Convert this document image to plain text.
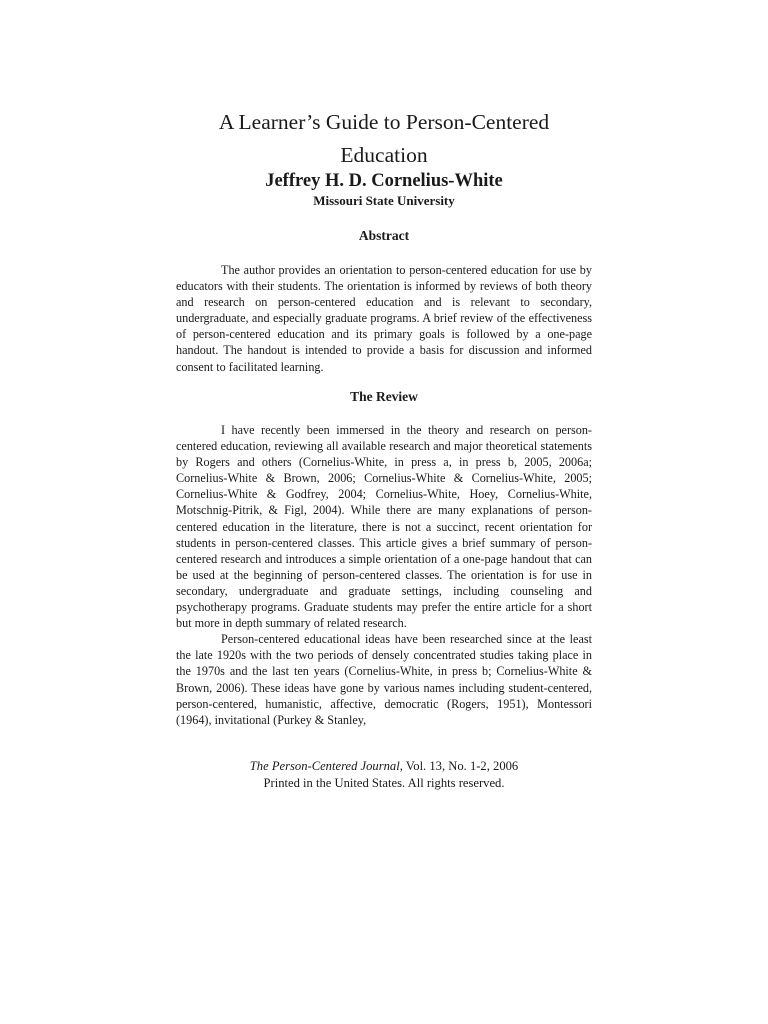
A Learner’s Guide to Person-Centered
Education
Jeffrey H. D. Cornelius-White
Missouri State University
Abstract

The author provides an orientation to person-centered education for use by educators with their students. The orientation is informed by reviews of both theory and research on person-centered education and is relevant to secondary, undergraduate, and especially graduate programs. A brief review of the effectiveness of person-centered education and its primary goals is followed by a one-page handout. The handout is intended to provide a basis for discussion and informed consent to facilitated learning.

The Review

I have recently been immersed in the theory and research on person-centered education, reviewing all available research and major theoretical statements by Rogers and others (Cornelius-White, in press a, in press b, 2005, 2006a; Cornelius-White & Brown, 2006; Cornelius-White & Cornelius-White, 2005; Cornelius-White & Godfrey, 2004; Cornelius-White, Hoey, Cornelius-White, Motschnig-Pitrik, & Figl, 2004). While there are many explanations of person-centered education in the literature, there is not a succinct, recent orientation for students in person-centered classes. This article gives a brief summary of person-centered research and introduces a simple orientation of a one-page handout that can be used at the beginning of person-centered classes. The orientation is for use in secondary, undergraduate and graduate settings, including counseling and psychotherapy programs. Graduate students may prefer the entire article for a short but more in depth summary of related research.

Person-centered educational ideas have been researched since at the least the late 1920s with the two periods of densely concentrated studies taking place in the 1970s and the last ten years (Cornelius-White, in press b; Cornelius-White & Brown, 2006). These ideas have gone by various names including student-centered, person-centered, humanistic, affective, democratic (Rogers, 1951), Montessori (1964), invitational (Purkey & Stanley,

The Person-Centered Journal, Vol. 13, No. 1-2, 2006
Printed in the United States. All rights reserved.
